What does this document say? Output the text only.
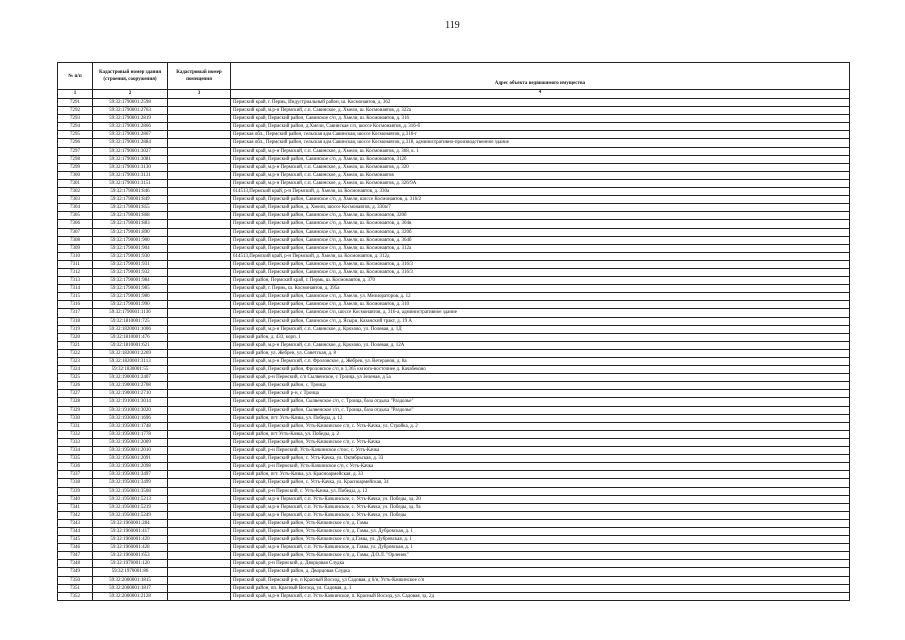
119
№ п/п	Кадастровый номер здания (строения, сооружения)	Кадастровый номер помещения	Адрес объекта недвижимого имущества
1	2	3	4
7291	59:32:1790001:2598		Пермский край, г. Пермь, Индустриальный район, ш. Космонавтов, д. 362
7292	59:32:1790001:2763		Пермский край, м.р-н Пермский, с.п. Савинское, д. Хмели, ш. Космонавтов, д. 322а
7293	59:32:1790001:2819		Пермский край, Пермский район, Савинское с/п, д. Хмели, ш. Космонавтов, д. 316
7294	59:32:1790001:2866		Пермский край, Пермский район, д.Хмели, Савинская с/п, шоссе Космонавтов, д. 316-б
7295	59:32:1790001:2867		Пермская обл., Пермский район, сельская адм.Савинская, шоссе Космонавтов, д.316-г
7296	59:32:1790001:2884		Пермская обл., Пермский район, сельская адм.Савинская, шоссе Космонавтов, д.318, административно-производственное здание
7297	59:32:1790001:3027		Пермский край, м.р-н Пермский, с.п. Савинское, д. Хмели, ш. Космонавтов, д. 368, к. 1
7298	59:32:1790001:3081		Пермский край, Пермский район, Савинское с/п, д. Хмели, ш. Космонавтов, 312б
7299	59:32:1790001:3130		Пермский край, м.р-н Пермский, с.п. Савинское, д. Хмели, ш. Космонавтов, д. 320
7300	59:32:1790001:3131		Пермский край, м.р-н Пермский, с.п. Савинское, д. Хмели, ш. Космонавтов
7301	59:32:1790001:3151		Пермский край, м.р-н Пермский, с.п. Савинское, д. Хмели, ш. Космонавтов, д. 326/9А
7302	59:32:1790001:846		614513,Пермский край, р-н Пермский, д. Хмели, ш. Космонавтов, д. 330а
7303	59:32:1790001:849		Пермский край, Пермский район, Савинское с/п, д. Хмели, шоссе Космонавтов, д. 316/2
7304	59:32:1790001:855		Пермский край, Пермский район, д. Хмели, шоссе Космонавтов, д. 330а/7
7305	59:32:1790001:868		Пермский край, Пермский район, Савинское с/п, д. Хмели, ш. Космонавтов, 320б
7306	59:32:1790001:883		Пермский край, Пермский район, Савинское с/п, д. Хмели, ш. Космонавтов, д. 304в
7307	59:32:1790001:890		Пермский край, Пермский район, Савинское с/п, д. Хмели, ш. Космонавтов, д. 320б
7308	59:32:1790001:900		Пермский край, Пермский район, Савинское с/п, д. Хмели, ш. Космонавтов, д. 364б
7309	59:32:1790001:904		Пермский край, Пермский район, Савинское с/п, д. Хмели, ш. Космонавтов, д. 312а
7310	59:32:1790001:930		614513,Пермский край, р-н Пермский, д. Хмели, ш. Космонавтов, д. 312д
7311	59:32:1790001:931		Пермский край, Пермский район, Савинское с/п, д. Хмели, ш. Космонавтов, д. 316/3
7312	59:32:1790001:932		Пермский край, Пермский район, Савинское с/п, д. Хмели, ш. Космонавтов, д. 316/3
7313	59:32:1790001:984		Пермский район, Пермский край, г. Пермь, ш. Космонавтов, д. 370
7314	59:32:1790001:985		Пермский край, г. Пермь, ш. Космонавтов, д. 395а
7315	59:32:1790001:986		Пермский край, Пермский район, Савинское с/п, д. Хмели, ул. Мелиораторов, д. 12
7316	59:32:1790001:990		Пермский край, Пермский район, Савинское с/п, д. Хмели, ш. Космонавтов, д. 310
7317	59:32:1790001:1136		Пермский край, Пермский район, Савинское с/п, шоссе Космонавтов, д. 316-а, административное здание
7318	59:32:1810001:725		Пермский край, Пермский район, Савинское с/п, д. Ясыри, Казанский тракт, д. 19 А
7319	59:32:1820001:1006		Пермский край, м.р-н Пермский, с.п. Савинское, д. Крохово, ул. Полевая, д. 1Д
7320	59:32:1810001:476		Пермский район, д. 433, корп. 1
7321	59:32:1810001:621		Пермский край, м.р-н Пермский, с.п. Савинское, д. Крохово, ул. Полевая, д. 12А
7322	59:32:1820001:2269		Пермский район, ул. Жебреи, ул. Советская, д. 8
7323	59:32:1820001:3113		Пермский край, м.р-н Пермский, с.п. Фроловское, д. Жебреи, ул. Ветеранов, д. 8а
7324	59:32:1830001:55		Пермский край, Пермский район, Фроловское с/п, в 1,365 км юго-восточнее д. Качабеково
7325	59:32:1900001:2407		Пермский край, р-н Пермский, с/п Сылвенское, с Троица, ул Зеленая, д 5а
7326	59:32:1900001:2708		Пермский край, Пермский район, с. Троица
7327	59:32:1900001:2710		Пермский край, Пермский р-н, с Троица
7328	59:32:1910001:3014		Пермский край, Пермский район, Сылвенское с/п, с. Троица, база отдыха "Раздолье"
7329	59:32:1910001:3020		Пермский край, Пермский район, Сылвенское с/п, с. Троица, база отдыха "Раздолье"
7330	59:32:1930001:1696		Пермский район, пгт. Усть-Качка, ул. Победы, д. 12
7331	59:32:1950001:1748		Пермский край, Пермский район, Усть-Качкинское с/п, с. Усть-Качка, ул. Стройка, д. 2
7332	59:32:1950001:1778		Пермский район, пгт Усть-Качка, ул. Победы, д. 2
7333	59:32:1950001:2009		Пермский край, Пермский район, Усть-Качкинское с/п, с. Усть-Качка
7334	59:32:1950001:2010		Пермский край, р-н Пермский, Усть-Качкинское с/пос, с. Усть-Качка
7335	59:32:1950001:2091		Пермский край, Пермский район, с. Усть-Качка, ул. Октябрьская, д. 33
7336	59:32:1950001:2098		Пермский край, р-н Пермский, Усть-Качкинское с/п, с Усть-Качка
7337	59:32:1950001:3497		Пермский район, пгт. Усть-Качка, ул. Красноармейская, д. 33
7338	59:32:1950001:3499		Пермский край, Пермский район, с. Усть-Качка, ул. Красноармейская, 34
7339	59:32:1950001:3508		Пермский край, р-н Пермский, с. Усть-Качка, ул. Победы, д. 12
7340	59:32:1950001:5213		Пермский край, м.р-н Пермский, с.п. Усть-Качкинское, с. Усть-Качка, ул. Победы, зд. 20
7341	59:32:1950001:5219		Пермский край, м.р-н Пермский, с.п. Усть-Качкинское, с. Усть-Качка, ул. Победы, зд. 9а
7342	59:32:1950001:5249		Пермский край, м.р-н Пермский, с.п. Усть-Качкинское, с. Усть-Качка, ул. Победы
7343	59:32:1960001:284		Пермский край, Пермский район, Усть-Качкинское с/п, д. Гамы
7344	59:32:1960001:417		Пермский край, Пермский район, Усть-Качкинское с/п, д. Гамы, ул. Дубровская, д. 1
7345	59:32:1960001:420		Пермский край, Пермский район, Усть-Качкинское с/п, д.Гамы, ул. Дубровская, д. 1
7346	59:32:1960001:428		Пермский край, м.р-н Пермский, с.п. Усть-Качкинское, д. Гамы, ул. Дубровская, д. 1
7347	59:32:1960001:653		Пермский край, Пермский район, Усть-Качкинское с/п, д. Гамы, Д.О.Л. "Орленок"
7348	59:32:1970001:120		Пермский край, р-н Пермский, д. Дворцовая Слудка
7349	59:32:1970001:86		Пермский край, Пермский район, д. Дворцовая Слудка
7350	59:32:2000001:1815		Пермский край, Пермский р-н, п Красный Восход, ул Садовая, д 6/н, Усть-Качкинское с/п
7351	59:32:2000001:1817		Пермский район, пп. Красный Восход, ул. Садовая, д. 1
7352	59:32:2000001:2128		Пермский край, м.р-н Пермский, с.п. Усть-Качкинское, п. Красный Восход, ул. Садовая, зд. 2д
